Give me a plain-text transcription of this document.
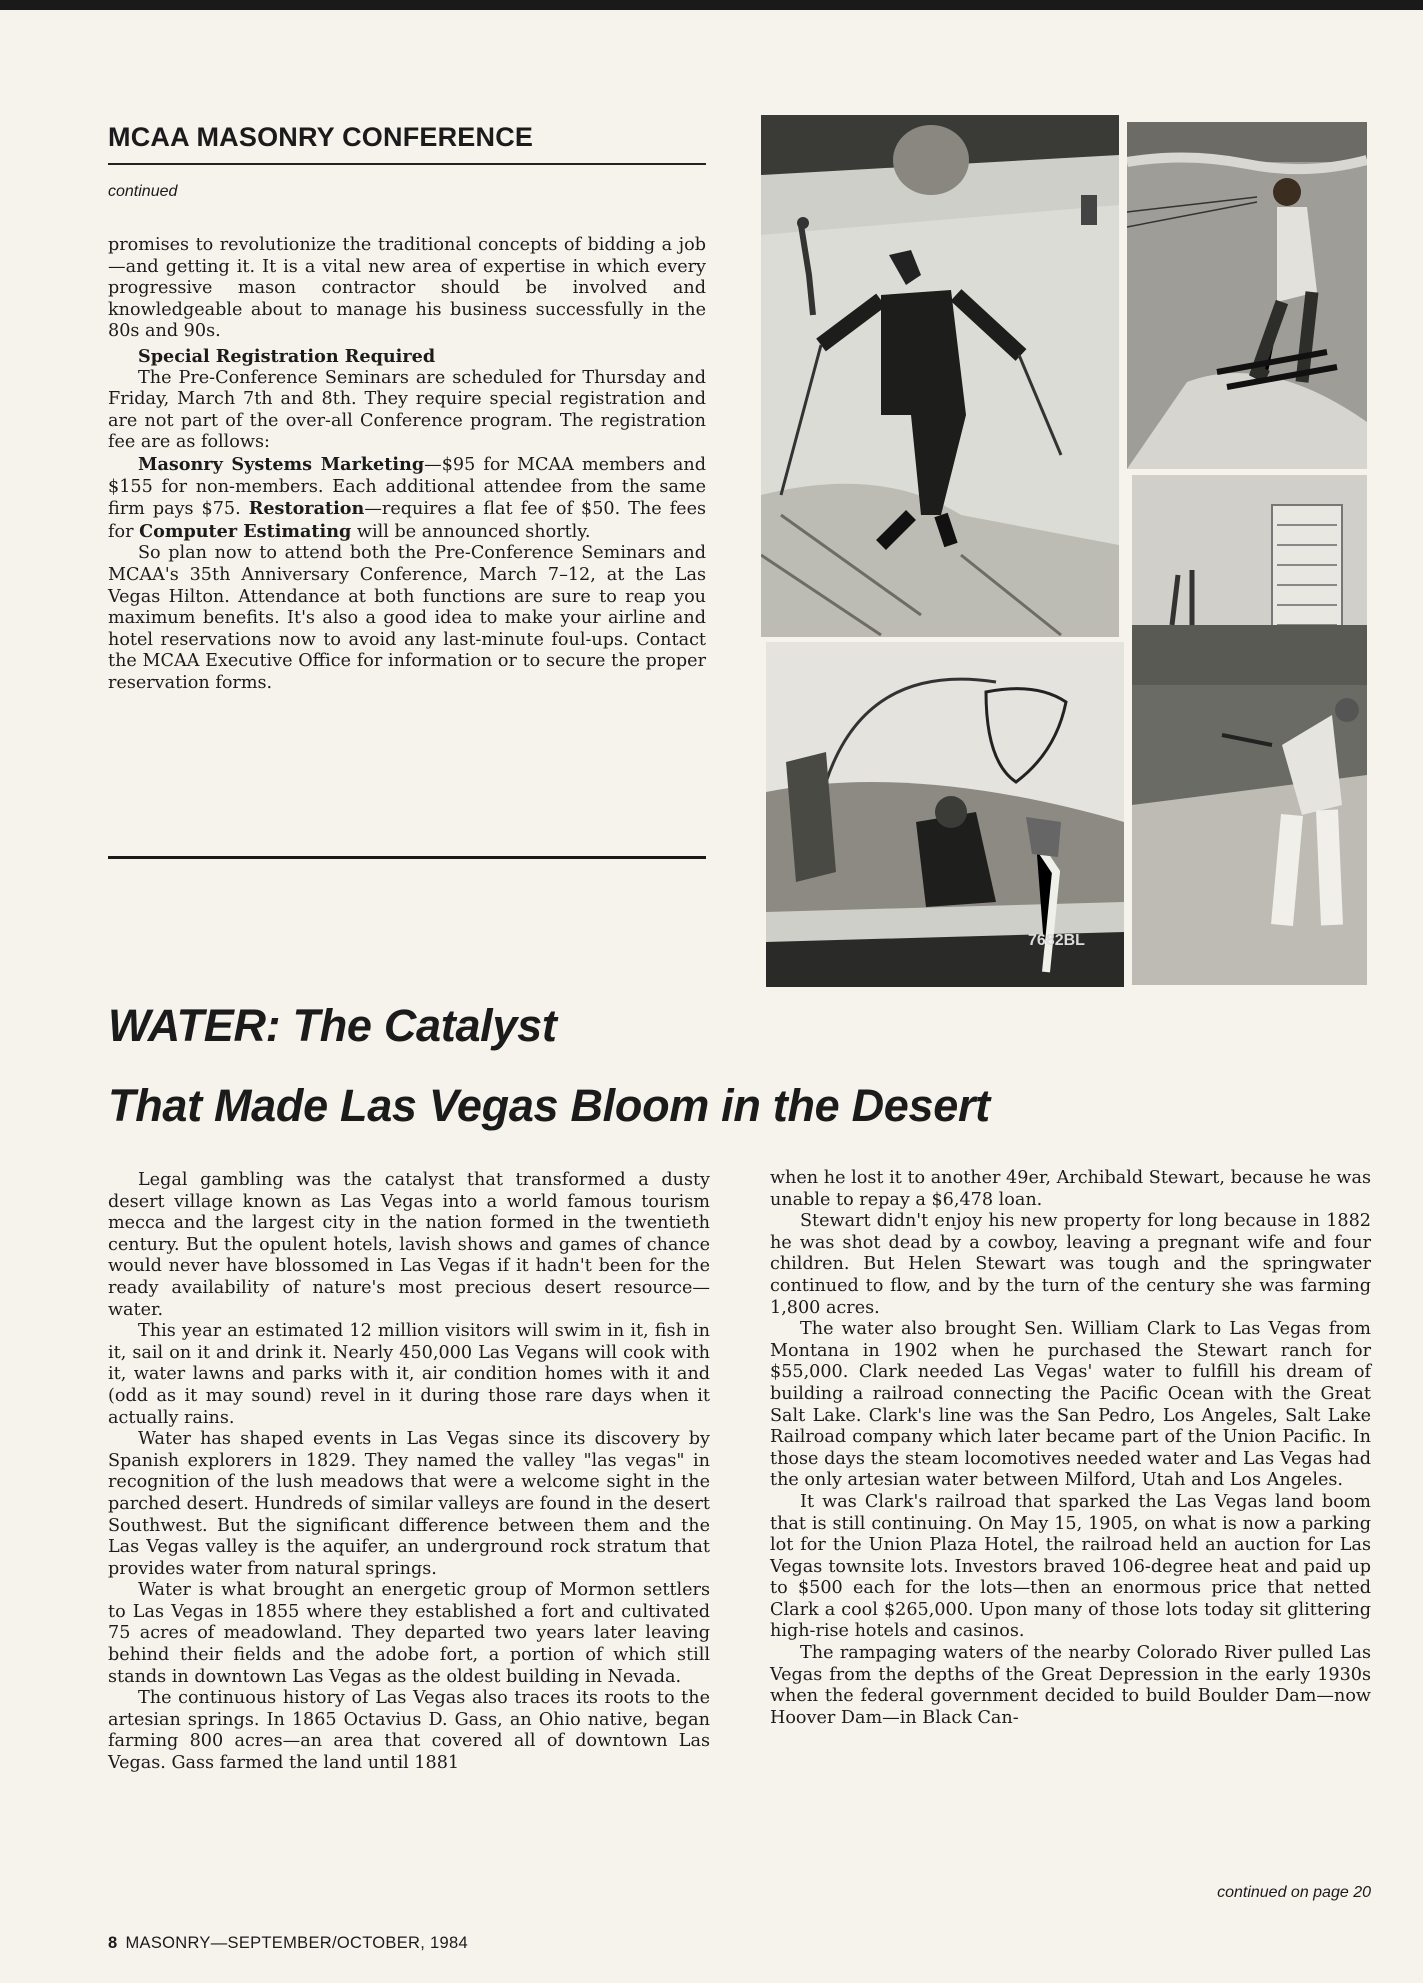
MCAA MASONRY CONFERENCE
continued

promises to revolutionize the traditional concepts of bidding a job—and getting it. It is a vital new area of expertise in which every progressive mason contractor should be involved and knowledgeable about to manage his business successfully in the 80s and 90s.

Special Registration Required

The Pre-Conference Seminars are scheduled for Thursday and Friday, March 7th and 8th. They require special registration and are not part of the over-all Conference program. The registration fee are as follows:

Masonry Systems Marketing—$95 for MCAA members and $155 for non-members. Each additional attendee from the same firm pays $75. Restoration—requires a flat fee of $50. The fees for Computer Estimating will be announced shortly.

So plan now to attend both the Pre-Conference Seminars and MCAA's 35th Anniversary Conference, March 7–12, at the Las Vegas Hilton. Attendance at both functions are sure to reap you maximum benefits. It's also a good idea to make your airline and hotel reservations now to avoid any last-minute foul-ups. Contact the MCAA Executive Office for information or to secure the proper reservation forms.

7682BL
WATER: The Catalyst
That Made Las Vegas Bloom in the Desert

Legal gambling was the catalyst that transformed a dusty desert village known as Las Vegas into a world famous tourism mecca and the largest city in the nation formed in the twentieth century. But the opulent hotels, lavish shows and games of chance would never have blossomed in Las Vegas if it hadn't been for the ready availability of nature's most precious desert resource—water.

This year an estimated 12 million visitors will swim in it, fish in it, sail on it and drink it. Nearly 450,000 Las Vegans will cook with it, water lawns and parks with it, air condition homes with it and (odd as it may sound) revel in it during those rare days when it actually rains.

Water has shaped events in Las Vegas since its discovery by Spanish explorers in 1829. They named the valley "las vegas" in recognition of the lush meadows that were a welcome sight in the parched desert. Hundreds of similar valleys are found in the desert Southwest. But the significant difference between them and the Las Vegas valley is the aquifer, an underground rock stratum that provides water from natural springs.

Water is what brought an energetic group of Mormon settlers to Las Vegas in 1855 where they established a fort and cultivated 75 acres of meadowland. They departed two years later leaving behind their fields and the adobe fort, a portion of which still stands in downtown Las Vegas as the oldest building in Nevada.

The continuous history of Las Vegas also traces its roots to the artesian springs. In 1865 Octavius D. Gass, an Ohio native, began farming 800 acres—an area that covered all of downtown Las Vegas. Gass farmed the land until 1881

when he lost it to another 49er, Archibald Stewart, because he was unable to repay a $6,478 loan.

Stewart didn't enjoy his new property for long because in 1882 he was shot dead by a cowboy, leaving a pregnant wife and four children. But Helen Stewart was tough and the springwater continued to flow, and by the turn of the century she was farming 1,800 acres.

The water also brought Sen. William Clark to Las Vegas from Montana in 1902 when he purchased the Stewart ranch for $55,000. Clark needed Las Vegas' water to fulfill his dream of building a railroad connecting the Pacific Ocean with the Great Salt Lake. Clark's line was the San Pedro, Los Angeles, Salt Lake Railroad company which later became part of the Union Pacific. In those days the steam locomotives needed water and Las Vegas had the only artesian water between Milford, Utah and Los Angeles.

It was Clark's railroad that sparked the Las Vegas land boom that is still continuing. On May 15, 1905, on what is now a parking lot for the Union Plaza Hotel, the railroad held an auction for Las Vegas townsite lots. Investors braved 106-degree heat and paid up to $500 each for the lots—then an enormous price that netted Clark a cool $265,000. Upon many of those lots today sit glittering high-rise hotels and casinos.

The rampaging waters of the nearby Colorado River pulled Las Vegas from the depths of the Great Depression in the early 1930s when the federal government decided to build Boulder Dam—now Hoover Dam—in Black Can-

continued on page 20
8 MASONRY—SEPTEMBER/OCTOBER, 1984
